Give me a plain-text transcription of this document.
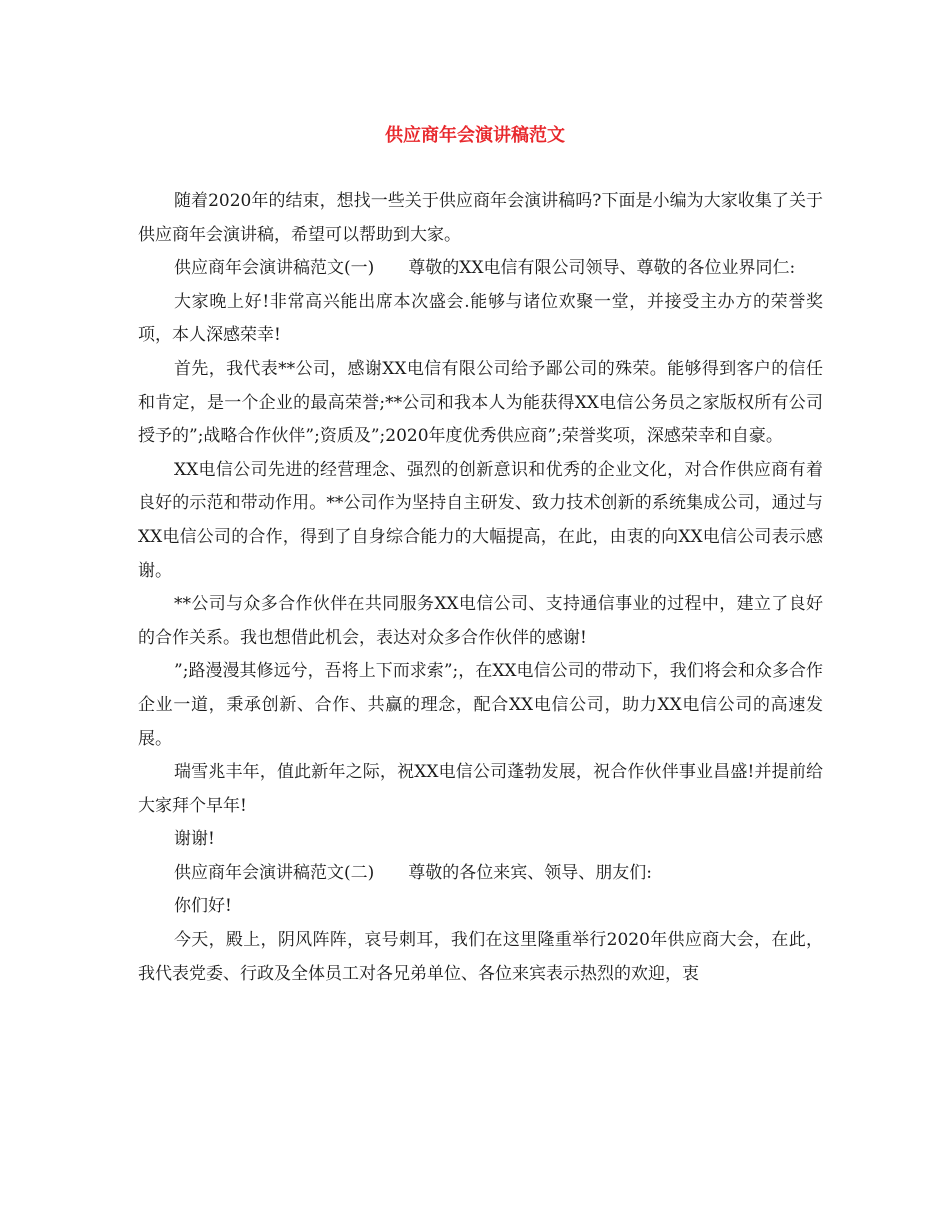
供应商年会演讲稿范文

随着2020年的结束，想找一些关于供应商年会演讲稿吗?下面是小编为大家收集了关于供应商年会演讲稿，希望可以帮助到大家。

供应商年会演讲稿范文(一)　　尊敬的XX电信有限公司领导、尊敬的各位业界同仁:

大家晚上好!非常高兴能出席本次盛会.能够与诸位欢聚一堂，并接受主办方的荣誉奖项，本人深感荣幸!

首先，我代表**公司，感谢XX电信有限公司给予鄙公司的殊荣。能够得到客户的信任和肯定，是一个企业的最高荣誉;**公司和我本人为能获得XX电信公务员之家版权所有公司授予的”;战略合作伙伴”;资质及”;2020年度优秀供应商”;荣誉奖项，深感荣幸和自豪。

XX电信公司先进的经营理念、强烈的创新意识和优秀的企业文化，对合作供应商有着良好的示范和带动作用。**公司作为坚持自主研发、致力技术创新的系统集成公司，通过与XX电信公司的合作，得到了自身综合能力的大幅提高，在此，由衷的向XX电信公司表示感谢。

**公司与众多合作伙伴在共同服务XX电信公司、支持通信事业的过程中，建立了良好的合作关系。我也想借此机会，表达对众多合作伙伴的感谢!

”;路漫漫其修远兮，吾将上下而求索”;，在XX电信公司的带动下，我们将会和众多合作企业一道，秉承创新、合作、共赢的理念，配合XX电信公司，助力XX电信公司的高速发展。

瑞雪兆丰年，值此新年之际，祝XX电信公司蓬勃发展，祝合作伙伴事业昌盛!并提前给大家拜个早年!

谢谢!

供应商年会演讲稿范文(二)　　尊敬的各位来宾、领导、朋友们:

你们好!

今天，殿上，阴风阵阵，哀号刺耳，我们在这里隆重举行2020年供应商大会，在此，我代表党委、行政及全体员工对各兄弟单位、各位来宾表示热烈的欢迎，衷
